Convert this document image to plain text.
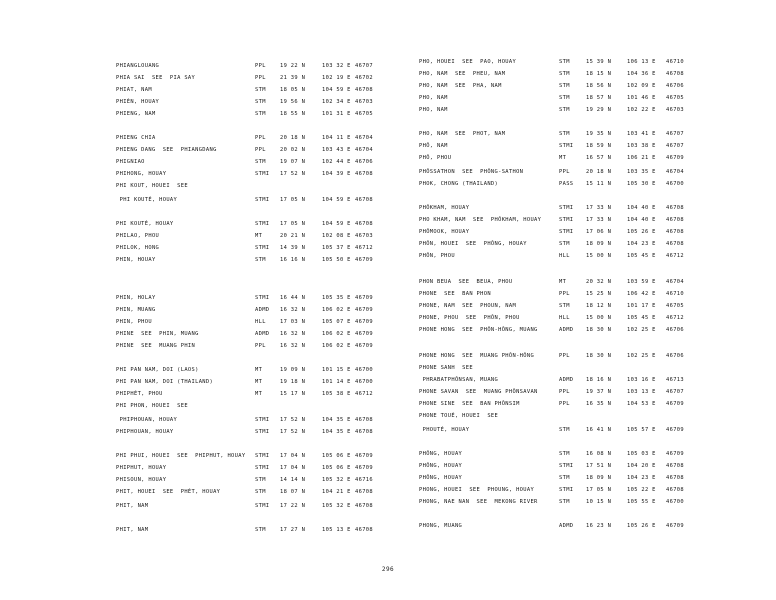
PHIANGLOUANG	PPL	19 22 N	103 32 E 46707
PHIA SAI  SEE  PIA SAY	PPL	21 39 N	102 19 E 46702
PHIAT, NAM	STM	18 05 N	104 59 E 46708
PHIÈN, HOUAY	STM	19 56 N	102 34 E 46703
PHIENG, NAM	STM	18 55 N	101 31 E 46705
PHIENG CHIA	PPL	20 18 N	104 11 E 46704
PHIENG DANG  SEE  PHIANGDANG	PPL	20 02 N	103 43 E 46704
PHIGNIAO	STM	19 07 N	102 44 E 46706
PHIHONG, HOUAY	STMI 17 52 N	104 39 E 46708
PHI KOUT, HOUEI  SEE
PHI KOUTÉ, HOUAY	STMI 17 05 N	104 59 E 46708
PHI KOUTÉ, HOUAY	STMI 17 05 N	104 59 E 46708
PHILAO, PHOU	MT	20 21 N	102 08 E 46703
PHILOK, HONG	STMI 14 39 N	105 37 E 46712
PHIN, HOUAY	STM	16 16 N	105 50 E 46709
PHIN, HOLAY	STMI 16 44 N	105 35 E 46709
PHIN, MUANG	ADMD 16 32 N	106 02 E 46709
PHIN, PHOU	HLL	17 03 N	105 07 E 46709
PHINE  SEE  PHIN, MUANG	ADMD 16 32 N	106 02 E 46709
PHINE  SEE  MUANG PHIN	PPL	16 32 N	106 02 E 46709
PHI PAN NAM, DOI (LAOS)	MT	19 09 N	101 15 E 46700
PHI PAN NAM, DOI (THAILAND)	MT	19 18 N	101 14 E 46700
PHIPHÉT, PHOU	MT	15 17 N	105 38 E 46712
PHI PHON, HOUEI  SEE
PHIPHOUAN, HOUAY	STMI 17 52 N	104 35 E 46708
PHIPHOUAN, HOUAY	STMI 17 52 N	104 35 E 46708
PHI PHUI, HOUEI  SEE  PHIPHUT, HOUAY STMI 17 04 N	105 06 E 46709
PHIPHUT, HOUAY	STMI 17 04 N	105 06 E 46709
PHISOUN, HOUAY	STM	14 14 N	105 32 E 46716
PHIT, HOUEI  SEE  PHÉT, HOUAY	STM	18 07 N	104 21 E 46708
PHIT, NAM	STMI 17 22 N	105 32 E 46708
PHIT, NAM	STM	17 27 N	105 13 E 46708
PHO, HOUEI  SEE  PAO, HOUAY	STM	15 39 N	106 13 E 46710
PHO, NAM  SEE  PHEU, NAM	STM	18 15 N	104 36 E 46708
PHO, NAM  SEE  PHA, NAM	STM	18 56 N	102 09 E 46706
PHO, NAM	STM	18 57 N	101 46 E 46705
PHO, NAM	STM	19 29 N	102 22 E 46703
PHO, NAM  SEE  PHOT, NAM	STM	19 35 N	103 41 E 46707
PHÔ, NAM	STMI 18 59 N	103 38 E 46707
PHÔ, PHOU	MT	16 57 N	106 21 E 46709
PHÔSSATHON  SEE  PHÔNG-SATHON	PPL	20 18 N	103 35 E 46704
PHOK, CHONG (THAILAND)	PASS 15 11 N	105 30 E 46700
PHÔKHAM, HOUAY	STMI 17 33 N	104 40 E 46708
PHO KHAM, NAM  SEE  PHÔKHAM, HOUAY	STMI 17 33 N	104 40 E 46708
PHÔMOOK, HOUAY	STMI 17 06 N	105 26 E 46708
PHÔN, HOUEI  SEE  PHÔNG, HOUAY	STM	18 09 N	104 23 E 46708
PHÔN, PHOU	HLL	15 00 N	105 45 E 46712
PHON BEUA  SEE  BEUA, PHOU	MT	20 32 N	103 59 E 46704
PHONE  SEE  BAN PHON	PPL	15 25 N	106 42 E 46710
PHONE, NAM  SEE  PHOUN, NAM	STM	18 12 N	101 17 E 46705
PHONE, PHOU  SEE  PHÔN, PHOU	HLL	15 00 N	105 45 E 46712
PHONE HONG  SEE  PHÔN-HÔNG, MUANG	ADMD 18 30 N	102 25 E 46706
PHONE HONG  SEE  MUANG PHÔN-HÔNG	PPL	18 30 N	102 25 E 46706
PHONE SANH  SEE
PHRABATPHÔNSAN, MUANG	ADMD 18 16 N	103 16 E 46713
PHONE SAVAN  SEE  MUANG PHÔNSAVAN	PPL	19 37 N	103 13 E 46707
PHONE SINE  SEE  BAN PHÔNSIM	PPL	16 35 N	104 53 E 46709
PHONE TOUÉ, HOUEI  SEE
PHOUTÉ, HOUAY	STM	16 41 N	105 57 E 46709
PHÔNG, HOUAY	STM	16 08 N	105 03 E 46709
PHÔNG, HOUAY	STMI 17 51 N	104 20 E 46708
PHÔNG, HOUAY	STM	18 09 N	104 23 E 46708
PHONG, HOUEI  SEE  PHOUNG, HOUAY	STMI 17 05 N	105 22 E 46708
PHONG, NAE NAN  SEE  MEKONG RIVER	STM	10 15 N	105 55 E 46700
PHONG, MUANG	ADMD 16 23 N	105 26 E 46709
296
